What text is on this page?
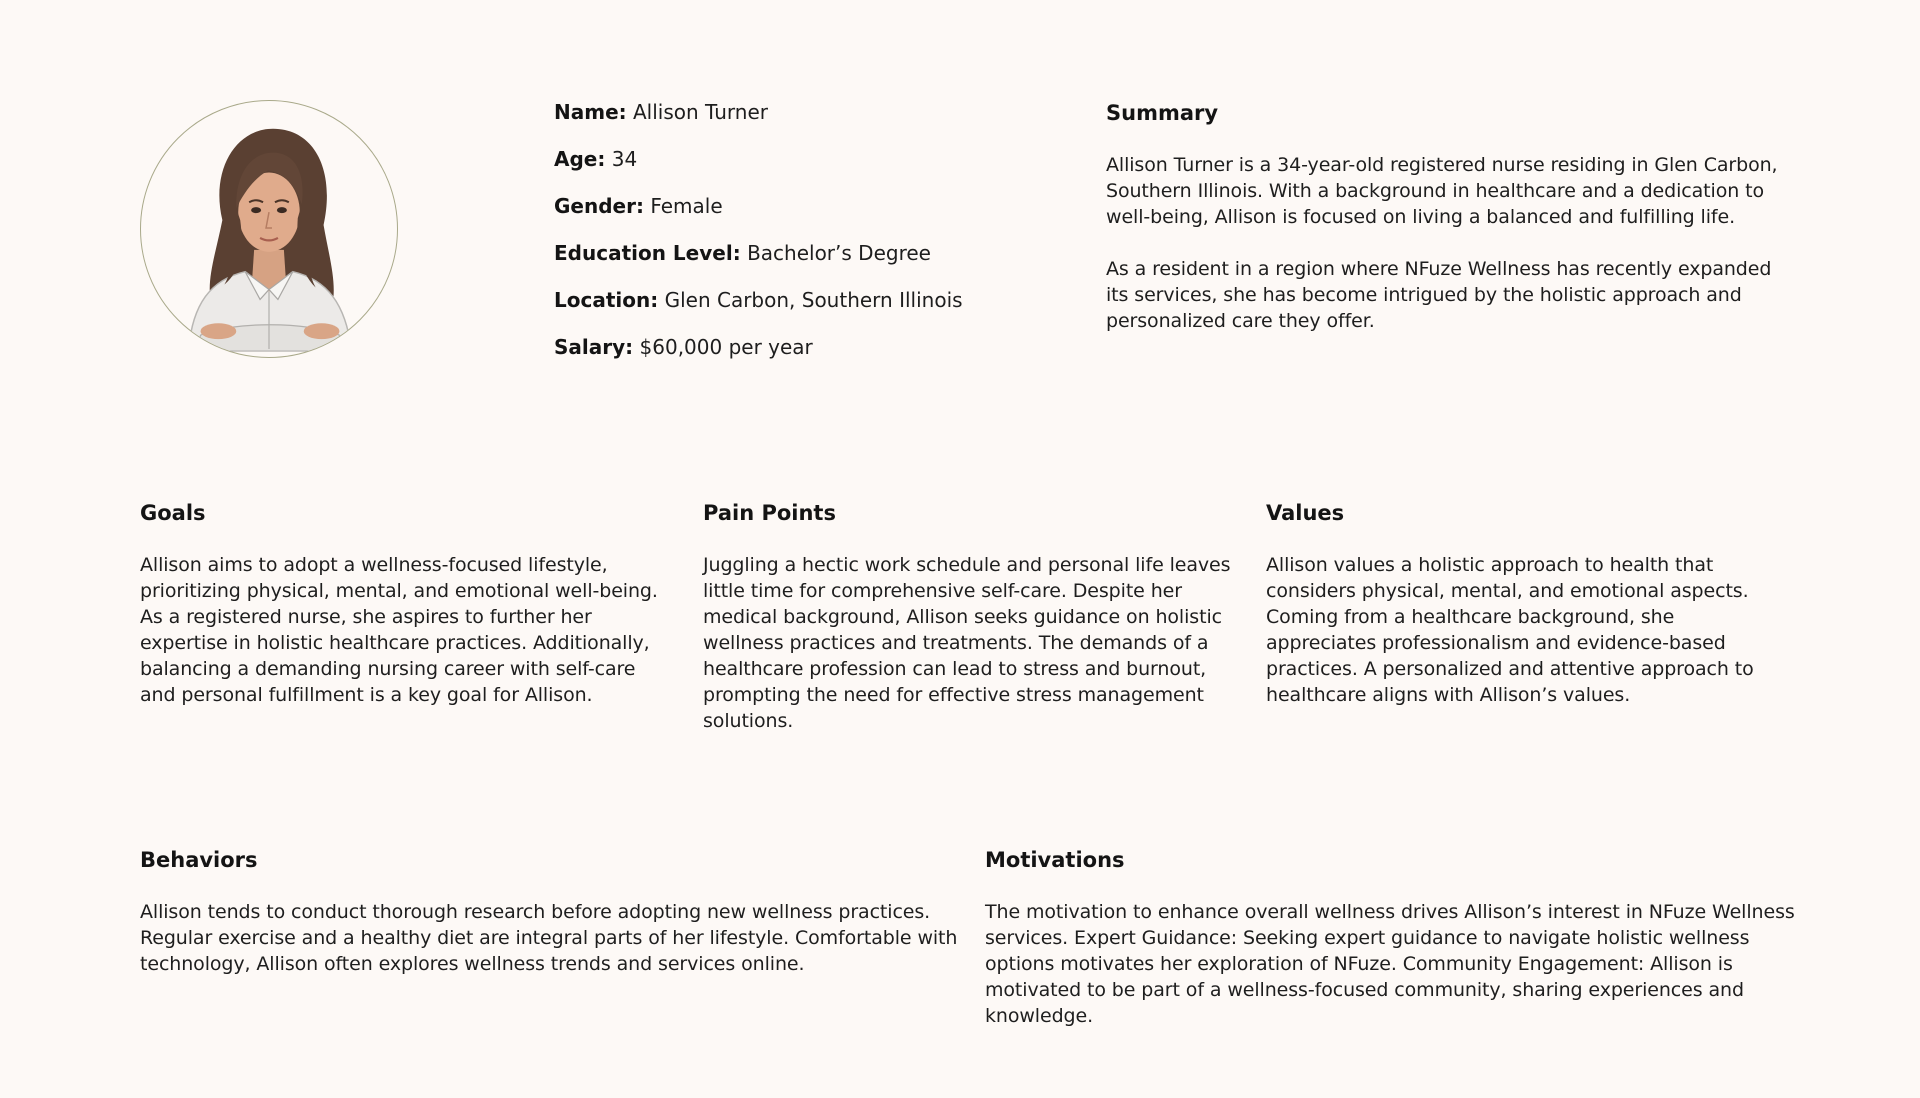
Name: Allison Turner
Age: 34
Gender: Female
Education Level: Bachelor’s Degree
Location: Glen Carbon, Southern Illinois
Salary: $60,000 per year
Summary

Allison Turner is a 34-year-old registered nurse residing in Glen Carbon, Southern Illinois. With a background in healthcare and a dedication to well-being, Allison is focused on living a balanced and fulfilling life.

As a resident in a region where NFuze Wellness has recently expanded its services, she has become intrigued by the holistic approach and personalized care they offer.

Goals

Allison aims to adopt a wellness-focused lifestyle, prioritizing physical, mental, and emotional well-being. As a registered nurse, she aspires to further her expertise in holistic healthcare practices. Additionally, balancing a demanding nursing career with self-care and personal fulfillment is a key goal for Allison.

Pain Points

Juggling a hectic work schedule and personal life leaves little time for comprehensive self-care. Despite her medical background, Allison seeks guidance on holistic wellness practices and treatments. The demands of a healthcare profession can lead to stress and burnout, prompting the need for effective stress management solutions.

Values

Allison values a holistic approach to health that considers physical, mental, and emotional aspects. Coming from a healthcare background, she appreciates professionalism and evidence-based practices. A personalized and attentive approach to healthcare aligns with Allison’s values.

Behaviors

Allison tends to conduct thorough research before adopting new wellness practices. Regular exercise and a healthy diet are integral parts of her lifestyle. Comfortable with technology, Allison often explores wellness trends and services online.

Motivations

The motivation to enhance overall wellness drives Allison’s interest in NFuze Wellness services. Expert Guidance: Seeking expert guidance to navigate holistic wellness options motivates her exploration of NFuze. Community Engagement: Allison is motivated to be part of a wellness-focused community, sharing experiences and knowledge.
